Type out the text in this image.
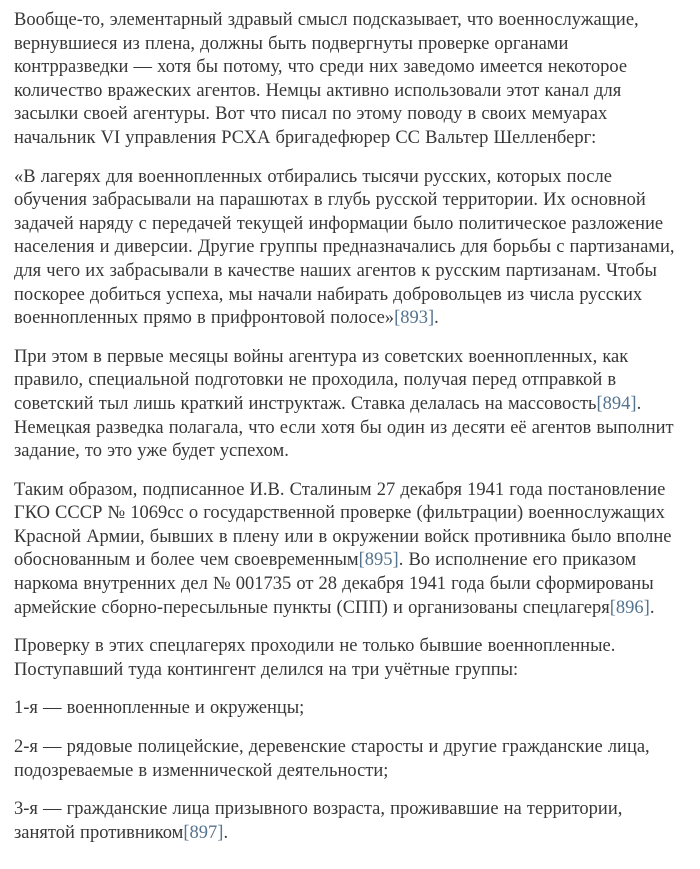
Вообще-то, элементарный здравый смысл подсказывает, что военнослужащие, вернувшиеся из плена, должны быть подвергнуты проверке органами контрразведки — хотя бы потому, что среди них заведомо имеется некоторое количество вражеских агентов. Немцы активно использовали этот канал для засылки своей агентуры. Вот что писал по этому поводу в своих мемуарах начальник VI управления РСХА бригадефюрер СС Вальтер Шелленберг:

«В лагерях для военнопленных отбирались тысячи русских, которых после обучения забрасывали на парашютах в глубь русской территории. Их основной задачей наряду с передачей текущей информации было политическое разложение населения и диверсии. Другие группы предназначались для борьбы с партизанами, для чего их забрасывали в качестве наших агентов к русским партизанам. Чтобы поскорее добиться успеха, мы начали набирать добровольцев из числа русских военнопленных прямо в прифронтовой полосе»[893].

При этом в первые месяцы войны агентура из советских военнопленных, как правило, специальной подготовки не проходила, получая перед отправкой в советский тыл лишь краткий инструктаж. Ставка делалась на массовость[894]. Немецкая разведка полагала, что если хотя бы один из десяти её агентов выполнит задание, то это уже будет успехом.

Таким образом, подписанное И.В. Сталиным 27 декабря 1941 года постановление ГКО СССР № 1069сс о государственной проверке (фильтрации) военнослужащих Красной Армии, бывших в плену или в окружении войск противника было вполне обоснованным и более чем своевременным[895]. Во исполнение его приказом наркома внутренних дел № 001735 от 28 декабря 1941 года были сформированы армейские сборно-пересыльные пункты (СПП) и организованы спецлагеря[896].

Проверку в этих спецлагерях проходили не только бывшие военнопленные. Поступавший туда контингент делился на три учётные группы:

1-я — военнопленные и окруженцы;

2-я — рядовые полицейские, деревенские старосты и другие гражданские лица, подозреваемые в изменнической деятельности;

3-я — гражданские лица призывного возраста, проживавшие на территории, занятой противником[897].
